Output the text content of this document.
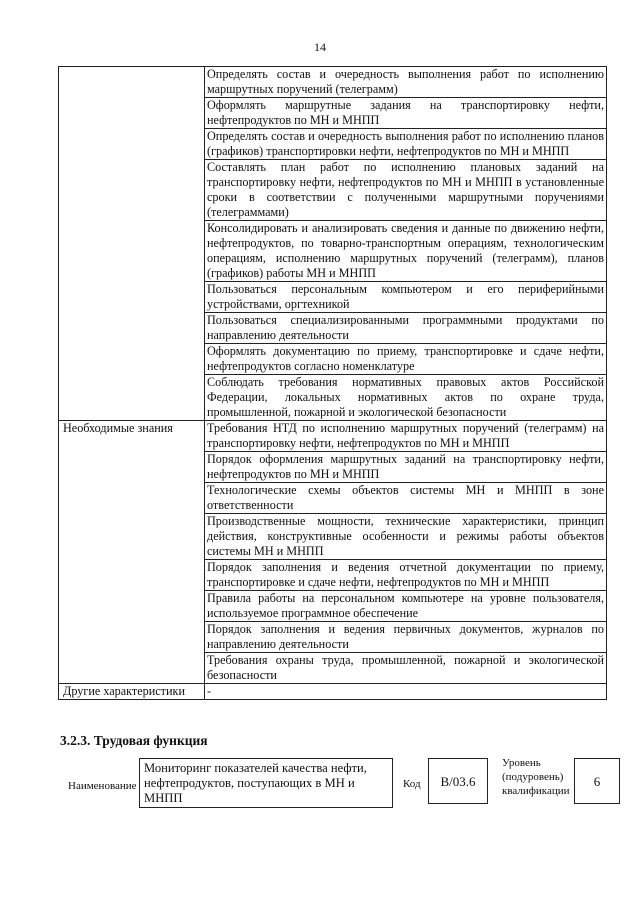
14
	Определять состав и очередность выполнения работ по исполнению маршрутных поручений (телеграмм)
	Оформлять маршрутные задания на транспортировку нефти, нефтепродуктов по МН и МНПП
	Определять состав и очередность выполнения работ по исполнению планов (графиков) транспортировки нефти, нефтепродуктов по МН и МНПП
	Составлять план работ по исполнению плановых заданий на транспортировку нефти, нефтепродуктов по МН и МНПП в установленные сроки в соответствии с полученными маршрутными поручениями (телеграммами)
	Консолидировать и анализировать сведения и данные по движению нефти, нефтепродуктов, по товарно-транспортным операциям, технологическим операциям, исполнению маршрутных поручений (телеграмм), планов (графиков) работы МН и МНПП
	Пользоваться персональным компьютером и его периферийными устройствами, оргтехникой
	Пользоваться специализированными программными продуктами по направлению деятельности
	Оформлять документацию по приему, транспортировке и сдаче нефти, нефтепродуктов согласно номенклатуре
	Соблюдать требования нормативных правовых актов Российской Федерации, локальных нормативных актов по охране труда, промышленной, пожарной и экологической безопасности
Необходимые знания	Требования НТД по исполнению маршрутных поручений (телеграмм) на транспортировку нефти, нефтепродуктов по МН и МНПП
	Порядок оформления маршрутных заданий на транспортировку нефти, нефтепродуктов по МН и МНПП
	Технологические схемы объектов системы МН и МНПП в зоне ответственности
	Производственные мощности, технические характеристики, принцип действия, конструктивные особенности и режимы работы объектов системы МН и МНПП
	Порядок заполнения и ведения отчетной документации по приему, транспортировке и сдаче нефти, нефтепродуктов по МН и МНПП
	Правила работы на персональном компьютере на уровне пользователя, используемое программное обеспечение
	Порядок заполнения и ведения первичных документов, журналов по направлению деятельности
	Требования охраны труда, промышленной, пожарной и экологической безопасности
Другие характеристики	-
3.2.3. Трудовая функция
Наименование
Мониторинг показателей качества нефти, нефтепродуктов, поступающих в МН и МНПП
Код	B/03.6
Уровень (подуровень) квалификации
6
